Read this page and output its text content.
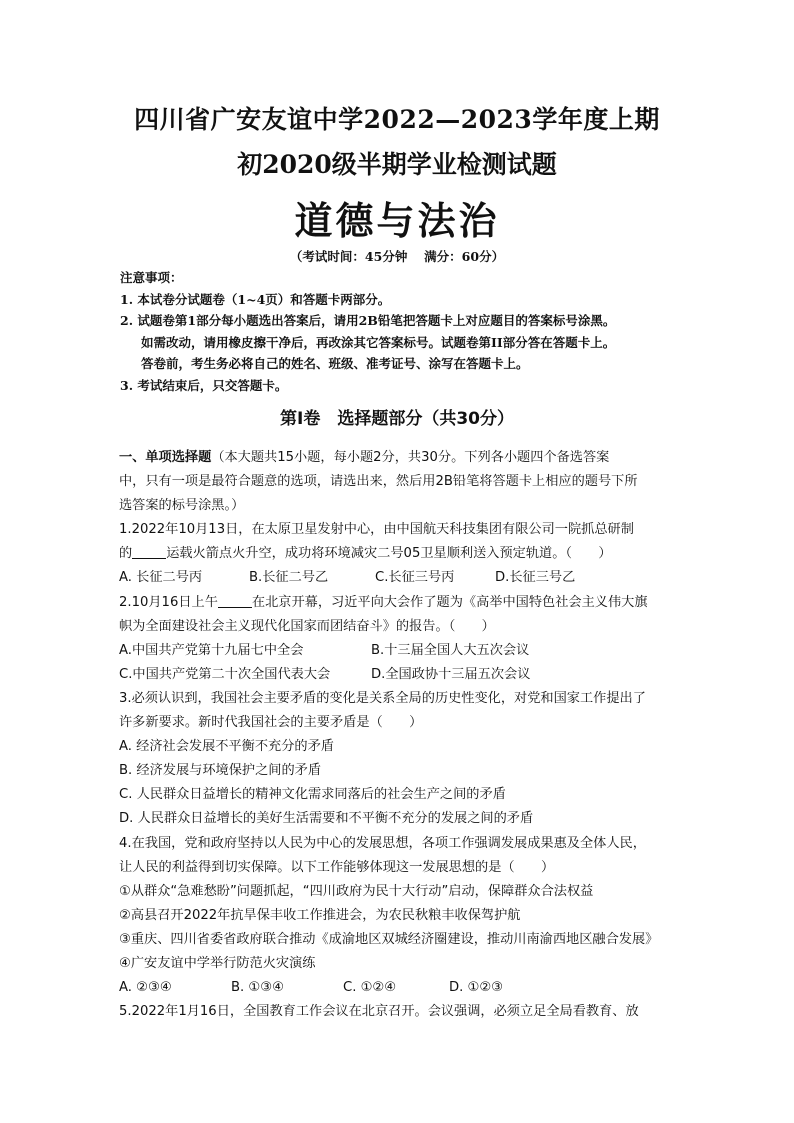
四川省广安友谊中学2022—2023学年度上期
初2020级半期学业检测试题
道德与法治
（考试时间：45分钟　 满分：60分）
注意事项：
1. 本试卷分试题卷（1~4页）和答题卡两部分。
2. 试题卷第1部分每小题选出答案后，请用2B铅笔把答题卡上对应题目的答案标号涂黑。
如需改动，请用橡皮擦干净后，再改涂其它答案标号。试题卷第II部分答在答题卡上。
答卷前，考生务必将自己的姓名、班级、准考证号、涂写在答题卡上。
3. 考试结束后，只交答题卡。
第Ⅰ卷　选择题部分（共30分）
一、单项选择题（本大题共15小题，每小题2分，共30分。下列各小题四个备选答案
中，只有一项是最符合题意的选项，请选出来，然后用2B铅笔将答题卡上相应的题号下所
选答案的标号涂黑。）
1.2022年10月13日，在太原卫星发射中心，由中国航天科技集团有限公司一院抓总研制
的	运载火箭点火升空，成功将环境减灾二号05卫星顺利送入预定轨道。（　　）
A. 长征二号丙	B.长征二号乙	C.长征三号丙	D.长征三号乙
2.10月16日上午	在北京开幕，习近平向大会作了题为《高举中国特色社会主义伟大旗
帜为全面建设社会主义现代化国家而团结奋斗》的报告。（　　）
A.中国共产党第十九届七中全会	B.十三届全国人大五次会议
C.中国共产党第二十次全国代表大会	D.全国政协十三届五次会议
3.必须认识到，我国社会主要矛盾的变化是关系全局的历史性变化，对党和国家工作提出了
许多新要求。新时代我国社会的主要矛盾是（　　）
A. 经济社会发展不平衡不充分的矛盾
B. 经济发展与环境保护之间的矛盾
C. 人民群众日益增长的精神文化需求同落后的社会生产之间的矛盾
D. 人民群众日益增长的美好生活需要和不平衡不充分的发展之间的矛盾
4.在我国，党和政府坚持以人民为中心的发展思想，各项工作强调发展成果惠及全体人民，
让人民的利益得到切实保障。以下工作能够体现这一发展思想的是（　　）
①从群众“急难愁盼”问题抓起，“四川政府为民十大行动”启动，保障群众合法权益
②高县召开2022年抗旱保丰收工作推进会，为农民秋粮丰收保驾护航
③重庆、四川省委省政府联合推动《成渝地区双城经济圈建设，推动川南渝西地区融合发展》
④广安友谊中学举行防范火灾演练
A. ②③④	B. ①③④	C. ①②④	D. ①②③
5.2022年1月16日，全国教育工作会议在北京召开。会议强调，必须立足全局看教育、放
